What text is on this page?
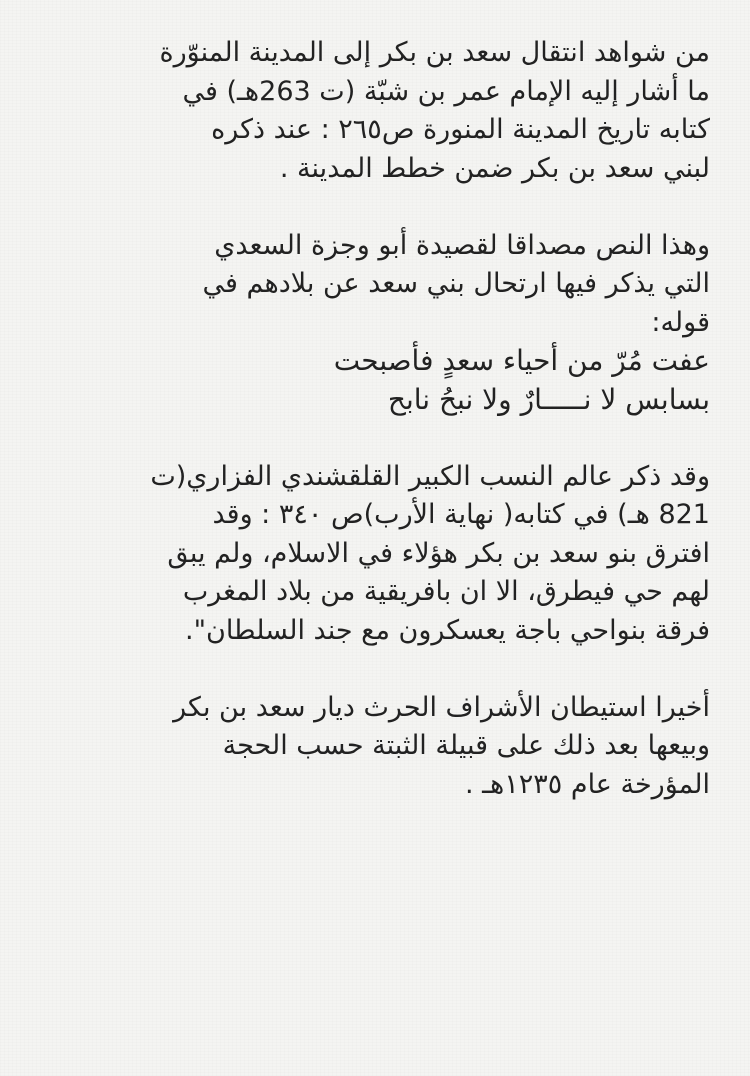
من شواهد انتقال سعد بن بكر إلى المدينة المنوّرة
ما أشار إليه الإمام عمر بن شبّة (ت 263هـ) في
كتابه تاريخ المدينة المنورة ص٢٦٥ : عند ذكره
لبني سعد بن بكر ضمن خطط المدينة .
وهذا النص مصداقا لقصيدة أبو وجزة السعدي
التي يذكر فيها ارتحال بني سعد عن بلادهم في
قوله:
عفت مُرّ من أحياء سعدٍ فأصبحت
بسابس لا نـــــارٌ ولا نبحُ نابح
وقد ذكر عالم النسب الكبير القلقشندي الفزاري(ت
821 هـ) في كتابه( نهاية الأرب)ص ٣٤٠ : وقد
افترق بنو سعد بن بكر هؤلاء في الاسلام، ولم يبق
لهم حي فيطرق، الا ان بافريقية من بلاد المغرب
فرقة بنواحي باجة يعسكرون مع جند السلطان".
أخيرا استيطان الأشراف الحرث ديار سعد بن بكر
وبيعها بعد ذلك على قبيلة الثبتة حسب الحجة
المؤرخة عام ١٢٣٥هـ .
